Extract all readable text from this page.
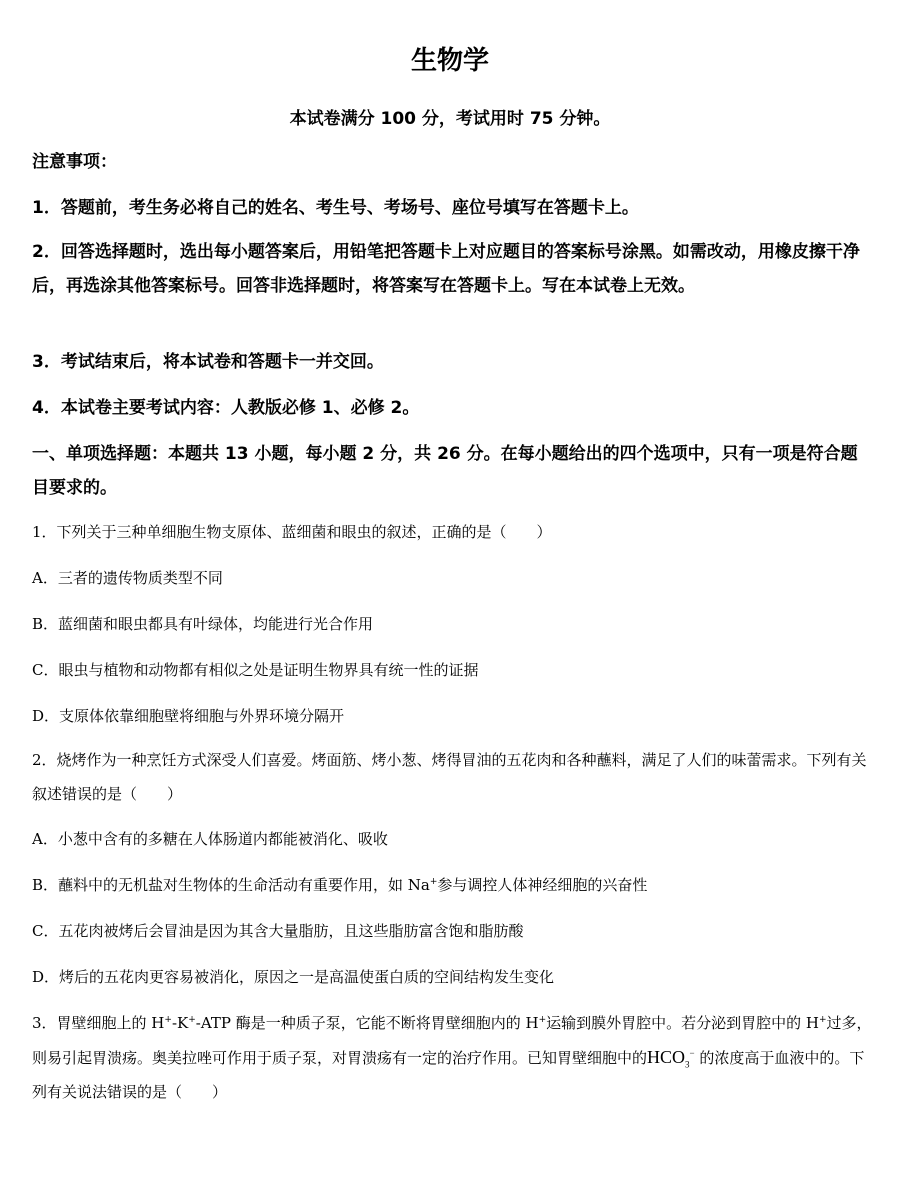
生物学
本试卷满分 100 分，考试用时 75 分钟。
注意事项：
1．答题前，考生务必将自己的姓名、考生号、考场号、座位号填写在答题卡上。
2．回答选择题时，选出每小题答案后，用铅笔把答题卡上对应题目的答案标号涂黑。如需改动，用橡皮擦干净后，再选涂其他答案标号。回答非选择题时，将答案写在答题卡上。写在本试卷上无效。
3．考试结束后，将本试卷和答题卡一并交回。
4．本试卷主要考试内容：人教版必修 1、必修 2。
一、单项选择题：本题共 13 小题，每小题 2 分，共 26 分。在每小题给出的四个选项中，只有一项是符合题目要求的。
1．下列关于三种单细胞生物支原体、蓝细菌和眼虫的叙述，正确的是（　　）
A．三者的遗传物质类型不同
B．蓝细菌和眼虫都具有叶绿体，均能进行光合作用
C．眼虫与植物和动物都有相似之处是证明生物界具有统一性的证据
D．支原体依靠细胞壁将细胞与外界环境分隔开
2．烧烤作为一种烹饪方式深受人们喜爱。烤面筋、烤小葱、烤得冒油的五花肉和各种蘸料，满足了人们的味蕾需求。下列有关叙述错误的是（　　）
A．小葱中含有的多糖在人体肠道内都能被消化、吸收
B．蘸料中的无机盐对生物体的生命活动有重要作用，如 Na+参与调控人体神经细胞的兴奋性
C．五花肉被烤后会冒油是因为其含大量脂肪，且这些脂肪富含饱和脂肪酸
D．烤后的五花肉更容易被消化，原因之一是高温使蛋白质的空间结构发生变化
3．胃壁细胞上的 H+-K+-ATP 酶是一种质子泵，它能不断将胃壁细胞内的 H+运输到膜外胃腔中。若分泌到胃腔中的 H+过多，则易引起胃溃疡。奥美拉唑可作用于质子泵，对胃溃疡有一定的治疗作用。已知胃壁细胞中的$HCO_3^-$ 的浓度高于血液中的。下列有关说法错误的是（　　）
